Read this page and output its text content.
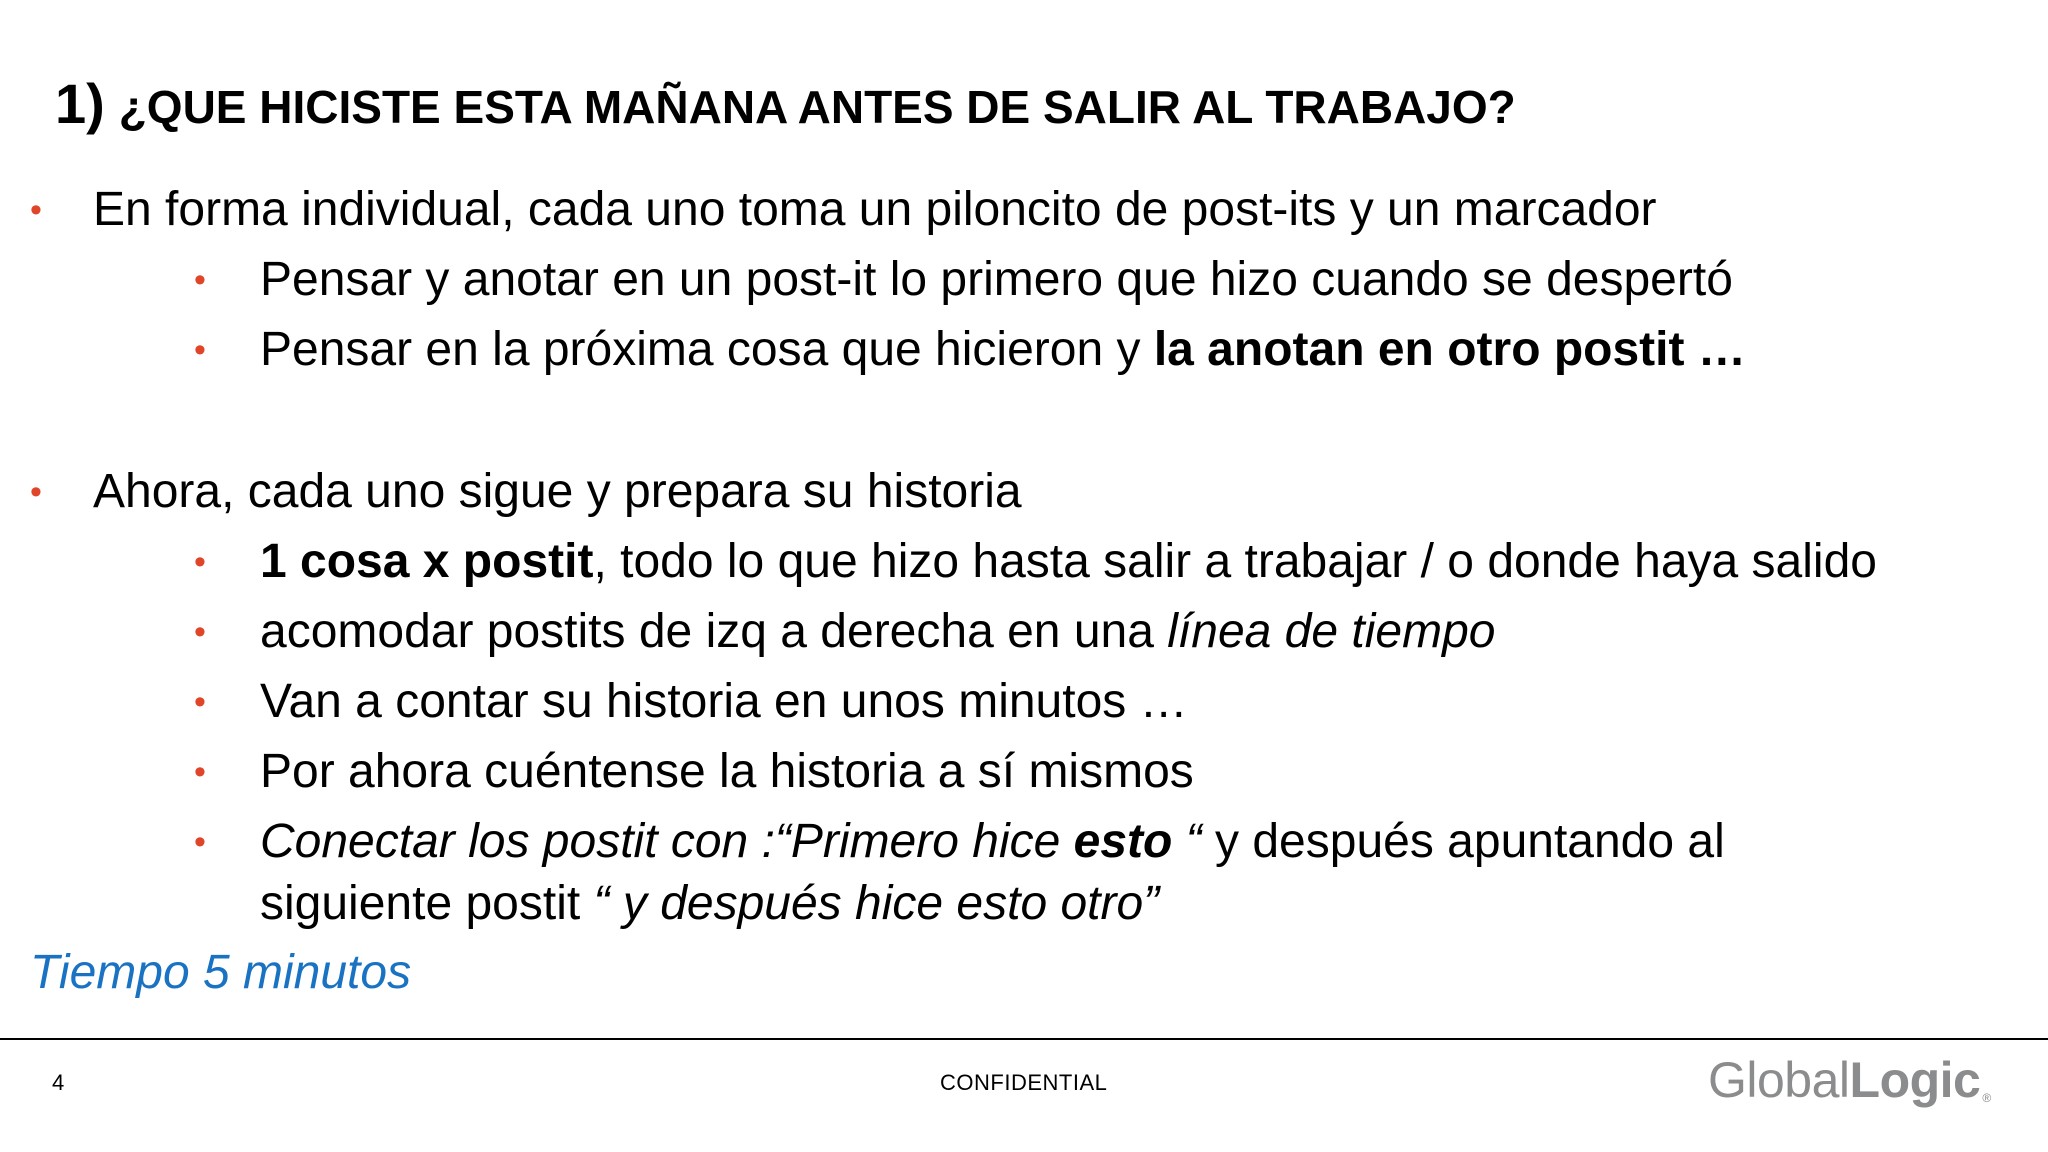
1) ¿QUE HICISTE ESTA MAÑANA ANTES DE SALIR AL TRABAJO?
• En forma individual, cada uno toma un piloncito de post-its y un marcador
• Pensar y anotar en un post-it lo primero que hizo cuando se despertó
• Pensar en la próxima cosa que hicieron y la anotan en otro postit …
• Ahora, cada uno sigue y prepara su historia
• 1 cosa x postit, todo lo que hizo hasta salir a trabajar / o donde haya salido
• acomodar postits de izq a derecha en una línea de tiempo
• Van a contar su historia en unos minutos …
• Por ahora cuéntense la historia a sí mismos
• Conectar los postit con :“Primero hice esto “ y después apuntando al
siguiente postit “ y después hice esto otro”
Tiempo 5 minutos
4	CONFIDENTIAL	GlobalLogic ®
